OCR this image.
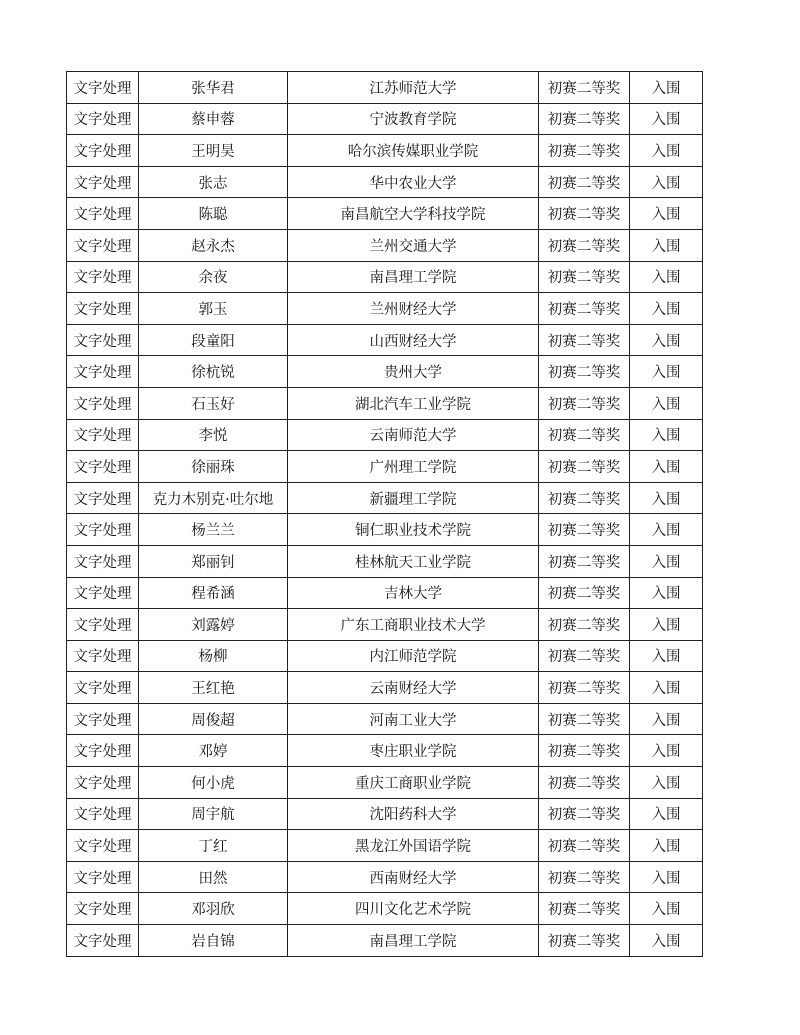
文字处理	张华君	江苏师范大学	初赛二等奖	入围
文字处理	蔡申蓉	宁波教育学院	初赛二等奖	入围
文字处理	王明昊	哈尔滨传媒职业学院	初赛二等奖	入围
文字处理	张志	华中农业大学	初赛二等奖	入围
文字处理	陈聪	南昌航空大学科技学院	初赛二等奖	入围
文字处理	赵永杰	兰州交通大学	初赛二等奖	入围
文字处理	余夜	南昌理工学院	初赛二等奖	入围
文字处理	郭玉	兰州财经大学	初赛二等奖	入围
文字处理	段童阳	山西财经大学	初赛二等奖	入围
文字处理	徐杭锐	贵州大学	初赛二等奖	入围
文字处理	石玉好	湖北汽车工业学院	初赛二等奖	入围
文字处理	李悦	云南师范大学	初赛二等奖	入围
文字处理	徐丽珠	广州理工学院	初赛二等奖	入围
文字处理	克力木别克·吐尔地	新疆理工学院	初赛二等奖	入围
文字处理	杨兰兰	铜仁职业技术学院	初赛二等奖	入围
文字处理	郑丽钊	桂林航天工业学院	初赛二等奖	入围
文字处理	程希涵	吉林大学	初赛二等奖	入围
文字处理	刘露婷	广东工商职业技术大学	初赛二等奖	入围
文字处理	杨柳	内江师范学院	初赛二等奖	入围
文字处理	王红艳	云南财经大学	初赛二等奖	入围
文字处理	周俊超	河南工业大学	初赛二等奖	入围
文字处理	邓婷	枣庄职业学院	初赛二等奖	入围
文字处理	何小虎	重庆工商职业学院	初赛二等奖	入围
文字处理	周宇航	沈阳药科大学	初赛二等奖	入围
文字处理	丁红	黑龙江外国语学院	初赛二等奖	入围
文字处理	田然	西南财经大学	初赛二等奖	入围
文字处理	邓羽欣	四川文化艺术学院	初赛二等奖	入围
文字处理	岩自锦	南昌理工学院	初赛二等奖	入围
